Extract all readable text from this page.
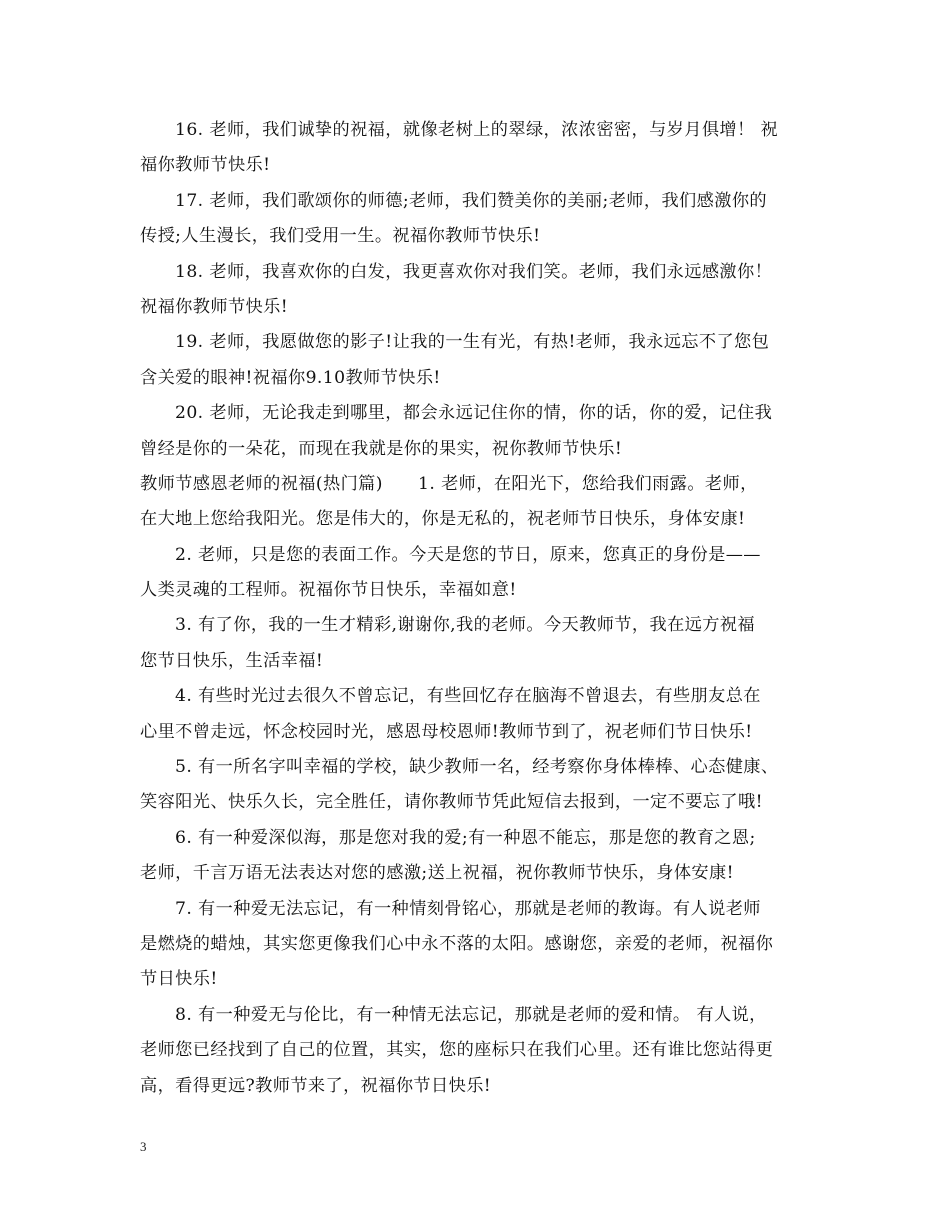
16. 老师，我们诚挚的祝福，就像老树上的翠绿，浓浓密密，与岁月俱增！ 祝
福你教师节快乐!
17. 老师，我们歌颂你的师德;老师，我们赞美你的美丽;老师，我们感激你的
传授;人生漫长，我们受用一生。祝福你教师节快乐!
18. 老师，我喜欢你的白发，我更喜欢你对我们笑。老师，我们永远感激你！
祝福你教师节快乐!
19. 老师，我愿做您的影子!让我的一生有光，有热!老师，我永远忘不了您包
含关爱的眼神!祝福你9.10教师节快乐!
20. 老师，无论我走到哪里，都会永远记住你的情，你的话，你的爱，记住我
曾经是你的一朵花，而现在我就是你的果实，祝你教师节快乐!
教师节感恩老师的祝福(热门篇)　　1. 老师，在阳光下，您给我们雨露。老师，
在大地上您给我阳光。您是伟大的，你是无私的，祝老师节日快乐，身体安康!
2. 老师，只是您的表面工作。今天是您的节日，原来，您真正的身份是——
人类灵魂的工程师。祝福你节日快乐，幸福如意!
3. 有了你，我的一生才精彩,谢谢你,我的老师。今天教师节，我在远方祝福
您节日快乐，生活幸福!
4. 有些时光过去很久不曾忘记，有些回忆存在脑海不曾退去，有些朋友总在
心里不曾走远，怀念校园时光，感恩母校恩师!教师节到了，祝老师们节日快乐!
5. 有一所名字叫幸福的学校，缺少教师一名，经考察你身体棒棒、心态健康、
笑容阳光、快乐久长，完全胜任，请你教师节凭此短信去报到，一定不要忘了哦!
6. 有一种爱深似海，那是您对我的爱;有一种恩不能忘，那是您的教育之恩;
老师，千言万语无法表达对您的感激;送上祝福，祝你教师节快乐，身体安康!
7. 有一种爱无法忘记，有一种情刻骨铭心，那就是老师的教诲。有人说老师
是燃烧的蜡烛，其实您更像我们心中永不落的太阳。感谢您，亲爱的老师，祝福你
节日快乐!
8. 有一种爱无与伦比，有一种情无法忘记，那就是老师的爱和情。 有人说，
老师您已经找到了自己的位置，其实，您的座标只在我们心里。还有谁比您站得更
高，看得更远?教师节来了，祝福你节日快乐!
3
